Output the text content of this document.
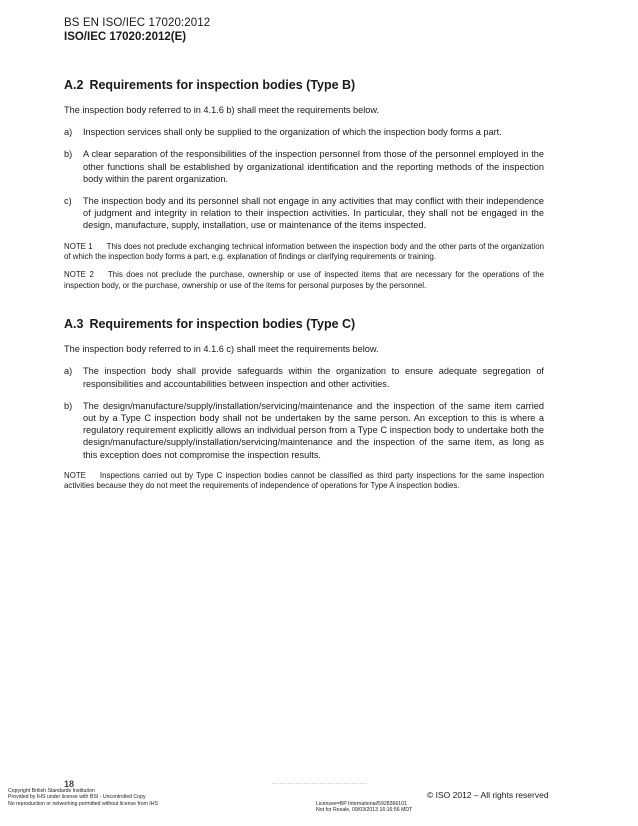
BS EN ISO/IEC 17020:2012
ISO/IEC 17020:2012(E)
A.2 Requirements for inspection bodies (Type B)

The inspection body referred to in 4.1.6 b) shall meet the requirements below.

a)	Inspection services shall only be supplied to the organization of which the inspection body forms a part.
b)	A clear separation of the responsibilities of the inspection personnel from those of the personnel employed in the other functions shall be established by organizational identification and the reporting methods of the inspection body within the parent organization.
c)	The inspection body and its personnel shall not engage in any activities that may conflict with their independence of judgment and integrity in relation to their inspection activities. In particular, they shall not be engaged in the design, manufacture, supply, installation, use or maintenance of the items inspected.

NOTE 1 This does not preclude exchanging technical information between the inspection body and the other parts of the organization of which the inspection body forms a part, e.g. explanation of findings or clarifying requirements or training.

NOTE 2 This does not preclude the purchase, ownership or use of inspected items that are necessary for the operations of the inspection body, or the purchase, ownership or use of the items for personal purposes by the personnel.

A.3 Requirements for inspection bodies (Type C)

The inspection body referred to in 4.1.6 c) shall meet the requirements below.

a)	The inspection body shall provide safeguards within the organization to ensure adequate segregation of responsibilities and accountabilities between inspection and other activities.
b)	The design/manufacture/supply/installation/servicing/maintenance and the inspection of the same item carried out by a Type C inspection body shall not be undertaken by the same person. An exception to this is where a regulatory requirement explicitly allows an individual person from a Type C inspection body to undertake both the design/manufacture/supply/installation/servicing/maintenance and the inspection of the same item, as long as this exception does not compromise the inspection results.

NOTE Inspections carried out by Type C inspection bodies cannot be classified as third party inspections for the same inspection activities because they do not meet the requirements of independence of operations for Type A inspection bodies.

18
Copyright British Standards Institution
Provided by IHS under license with BSI - Uncontrolled Copy
No reproduction or networking permitted without license from IHS	Licensee=BP International/5928366101
Not for Resale, 09/03/2013 16:16:56 MDT
© ISO 2012 – All rights reserved
